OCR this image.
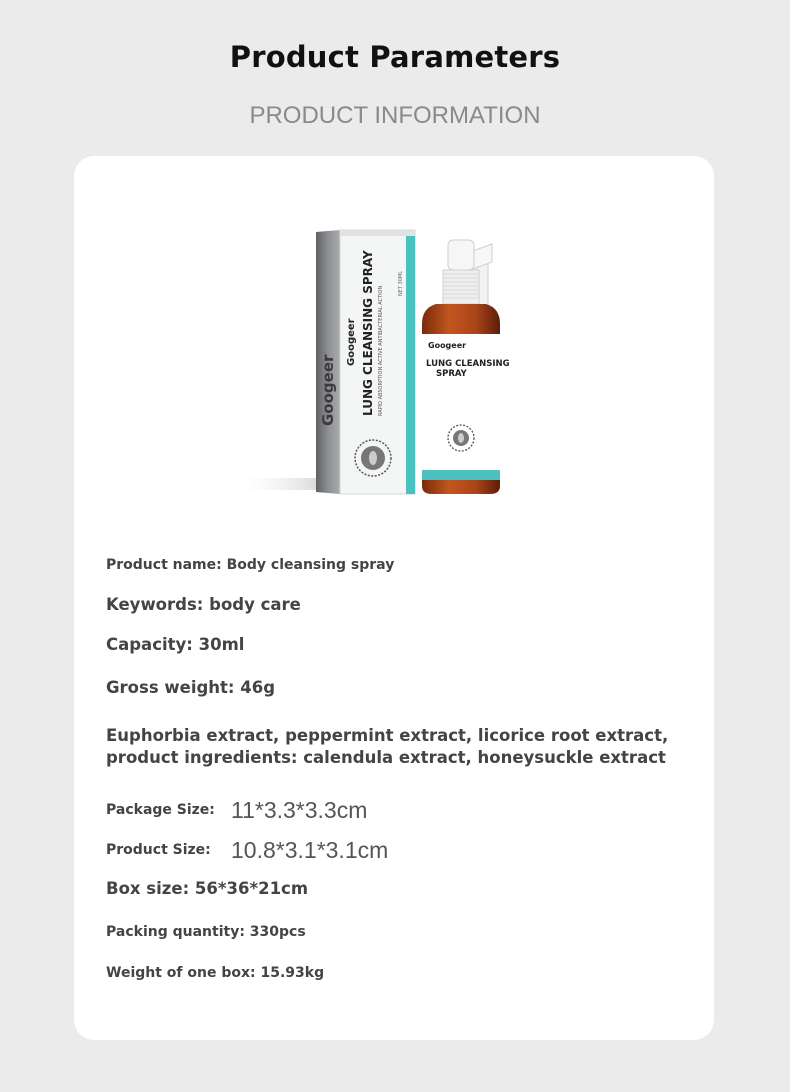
Product Parameters
PRODUCT INFORMATION
Googeer
Googeer LUNG CLEANSING SPRAY RAPID ABSORPTION ACTIVE ANTIBACTERIAL ACTION
NET 30ML
Googeer
LUNG CLEANSING
SPRAY
Product name: Body cleansing spray
Keywords: body care
Capacity: 30ml
Gross weight: 46g
Euphorbia extract, peppermint extract, licorice root extract,
product ingredients: calendula extract, honeysuckle extract
Package Size: 11*3.3*3.3cm
Product Size: 10.8*3.1*3.1cm
Box size: 56*36*21cm
Packing quantity: 330pcs
Weight of one box: 15.93kg
